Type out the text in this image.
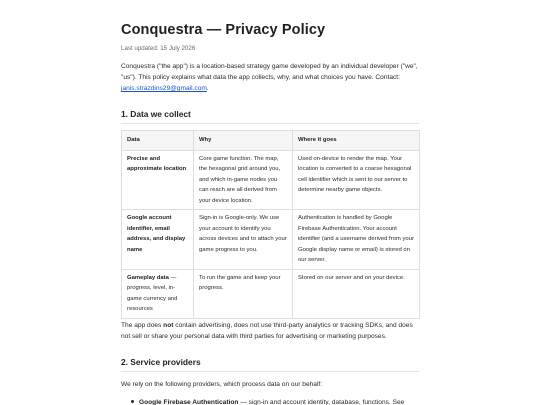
Conquestra — Privacy Policy
Last updated: 15 July 2026

Conquestra ("the app") is a location-based strategy game developed by an individual developer ("we", "us"). This policy explains what data the app collects, why, and what choices you have. Contact: janis.strazdins29@gmail.com.

1. Data we collect
Data	Why	Where it goes
Precise and approximate location	Core game function. The map, the hexagonal grid around you, and which in-game nodes you can reach are all derived from your device location.	Used on-device to render the map. Your location is converted to a coarse hexagonal cell identifier which is sent to our server to determine nearby game objects.
Google account identifier, email address, and display name	Sign-in is Google-only. We use your account to identify you across devices and to attach your game progress to you.	Authentication is handled by Google Firebase Authentication. Your account identifier (and a username derived from your Google display name or email) is stored on our server.
Gameplay data — progress, level, in-game currency and resources	To run the game and keep your progress.	Stored on our server and on your device.

The app does not contain advertising, does not use third-party analytics or tracking SDKs, and does not sell or share your personal data with third parties for advertising or marketing purposes.

2. Service providers

We rely on the following providers, which process data on our behalf:

Google Firebase Authentication — sign-in and account identity, database, functions. See
